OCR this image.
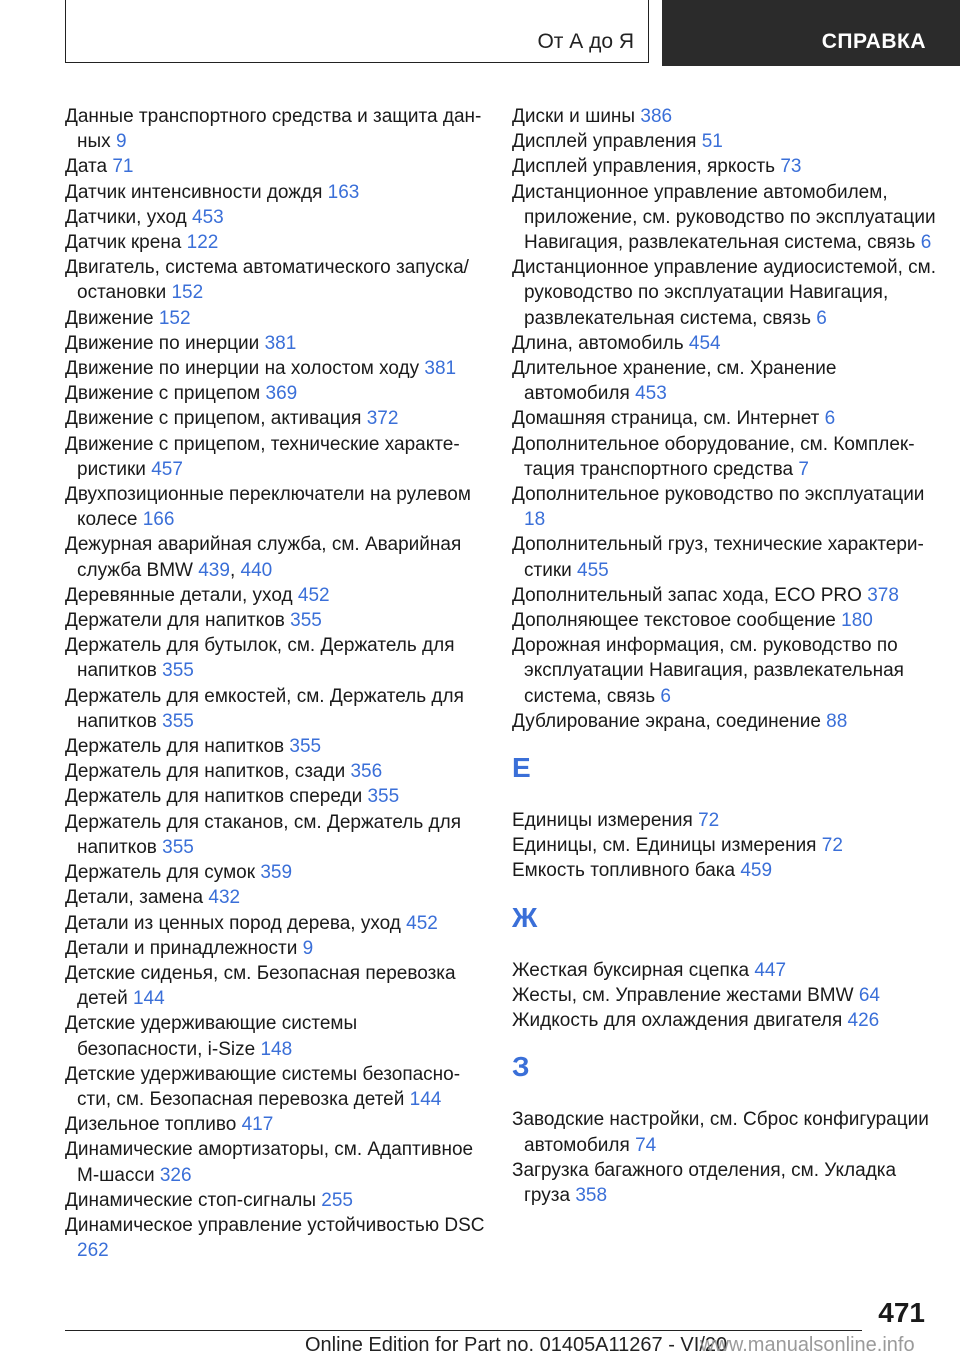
От А до Я	СПРАВКА

Данные транспортного средства и защита данных 9

Дата 71

Датчик интенсивности дождя 163

Датчики, уход 453

Датчик крена 122

Двигатель, система автоматического запуска/остановки 152

Движение 152

Движение по инерции 381

Движение по инерции на холостом ходу 381

Движение с прицепом 369

Движение с прицепом, активация 372

Движение с прицепом, технические характеристики 457

Двухпозиционные переключатели на рулевом колесе 166

Дежурная аварийная служба, см. Аварийная служба BMW 439, 440

Деревянные детали, уход 452

Держатели для напитков 355

Держатель для бутылок, см. Держатель для напитков 355

Держатель для емкостей, см. Держатель для напитков 355

Держатель для напитков 355

Держатель для напитков, сзади 356

Держатель для напитков спереди 355

Держатель для стаканов, см. Держатель для напитков 355

Держатель для сумок 359

Детали, замена 432

Детали из ценных пород дерева, уход 452

Детали и принадлежности 9

Детские сиденья, см. Безопасная перевозка детей 144

Детские удерживающие системы безопасности, i-Size 148

Детские удерживающие системы безопасности, см. Безопасная перевозка детей 144

Дизельное топливо 417

Динамические амортизаторы, см. Адаптивное М-шасси 326

Динамические стоп-сигналы 255

Динамическое управление устойчивостью DSC 262

Диски и шины 386

Дисплей управления 51

Дисплей управления, яркость 73

Дистанционное управление автомобилем, приложение, см. руководство по эксплуатации Навигация, развлекательная система, связь 6

Дистанционное управление аудиосистемой, см. руководство по эксплуатации Навигация, развлекательная система, связь 6

Длина, автомобиль 454

Длительное хранение, см. Хранение автомобиля 453

Домашняя страница, см. Интернет 6

Дополнительное оборудование, см. Комплектация транспортного средства 7

Дополнительное руководство по эксплуатации 18

Дополнительный груз, технические характеристики 455

Дополнительный запас хода, ECO PRO 378

Дополняющее текстовое сообщение 180

Дорожная информация, см. руководство по эксплуатации Навигация, развлекательная система, связь 6

Дублирование экрана, соединение 88

Е

Единицы измерения 72

Единицы, см. Единицы измерения 72

Емкость топливного бака 459

Ж

Жесткая буксирная сцепка 447

Жесты, см. Управление жестами BMW 64

Жидкость для охлаждения двигателя 426

З

Заводские настройки, см. Сброс конфигурации автомобиля 74

Загрузка багажного отделения, см. Укладка груза 358

471
Online Edition for Part no. 01405A11267 - VI/20
www.manualsonline.info
